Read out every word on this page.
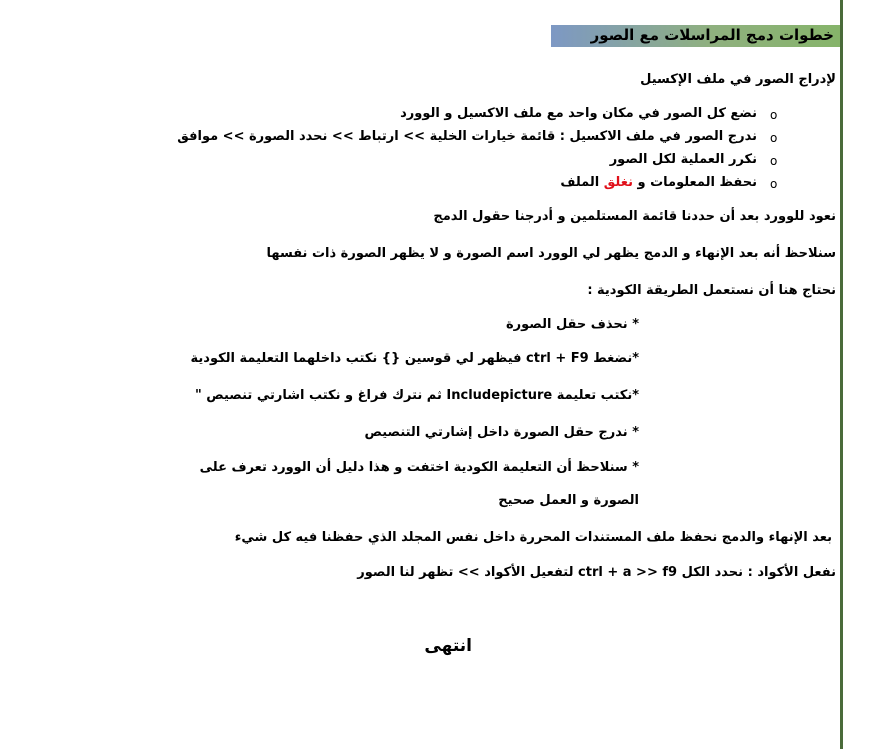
خطوات دمج المراسلات مع الصور
لإدراج الصور في ملف الإكسيل
o
نضع كل الصور في مكان واحد مع ملف الاكسيل و الوورد
o
ندرج الصور في ملف الاكسيل : قائمة خيارات الخلية >> ارتباط >> نحدد الصورة >> موافق
o
نكرر العملية لكل الصور
o
نحفظ المعلومات و نغلق الملف
نعود للوورد بعد أن حددنا قائمة المستلمين و أدرجنا حقول الدمج
سنلاحظ أنه بعد الإنهاء و الدمج يظهر لي الوورد اسم الصورة و لا يظهر الصورة ذات نفسها
نحتاج هنا أن نستعمل الطريقة الكودية :
* نحذف حقل الصورة
*نضغط ctrl + F9 فيظهر لي قوسين {} نكتب داخلهما التعليمة الكودية
*نكتب تعليمة Includepicture ثم نترك فراغ و نكتب اشارتي تنصيص "
* ندرج حقل الصورة داخل إشارتي التنصيص
* سنلاحظ أن التعليمة الكودية اختفت و هذا دليل أن الوورد تعرف على
الصورة و العمل صحيح
بعد الإنهاء والدمج نحفظ ملف المستندات المحررة داخل نفس المجلد الذي حفظنا فيه كل شيء
نفعل الأكواد : نحدد الكل ctrl + a >> f9 لتفعيل الأكواد >> تظهر لنا الصور
انتهى
